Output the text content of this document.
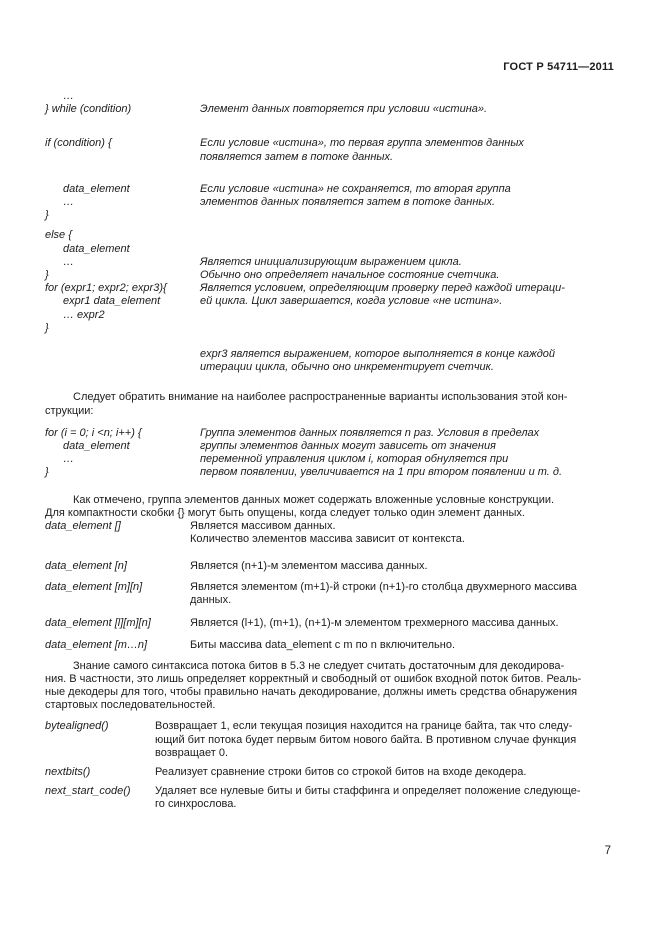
ГОСТ Р 54711—2011
…
} while (condition)	Элемент данных повторяется при условии «истина».
if (condition) {	Если условие «истина», то первая группа элементов данных
появляется затем в потоке данных.
data_element	Если условие «истина» не сохраняется, то вторая группа
…	элементов данных появляется затем в потоке данных.
}
else {
data_element
…	Является инициализирующим выражением цикла.
}	Обычно оно определяет начальное состояние счетчика.
for (expr1; expr2; expr3){	Является условием, определяющим проверку перед каждой итераци-
expr1 data_element	ей цикла. Цикл завершается, когда условие «не истина».
… expr2
}
expr3 является выражением, которое выполняется в конце каждой
итерации цикла, обычно оно инкрементирует счетчик.
Следует обратить внимание на наиболее распространенные варианты использования этой кон-
струкции:
for (i = 0; i <n; i++) {	Группа элементов данных появляется n раз. Условия в пределах
data_element	группы элементов данных могут зависеть от значения
…	переменной управления циклом i, которая обнуляется при
}	первом появлении, увеличивается на 1 при втором появлении и т. д.
Как отмечено, группа элементов данных может содержать вложенные условные конструкции.
Для компактности скобки {} могут быть опущены, когда следует только один элемент данных.
data_element []	Является массивом данных.
Количество элементов массива зависит от контекста.
data_element [n]	Является (n+1)-м элементом массива данных.
data_element [m][n]	Является элементом (m+1)-й строки (n+1)-го столбца двухмерного массива
данных.
data_element [l][m][n]	Является (l+1), (m+1), (n+1)-м элементом трехмерного массива данных.
data_element [m…n]	Биты массива data_element с m по n включительно.
Знание самого синтаксиса потока битов в 5.3 не следует считать достаточным для декодирова-
ния. В частности, это лишь определяет корректный и свободный от ошибок входной поток битов. Реаль-
ные декодеры для того, чтобы правильно начать декодирование, должны иметь средства обнаружения
стартовых последовательностей.
bytealigned()	Возвращает 1, если текущая позиция находится на границе байта, так что следу-
ющий бит потока будет первым битом нового байта. В противном случае функция
возвращает 0.
nextbits()	Реализует сравнение строки битов со строкой битов на входе декодера.
next_start_code()	Удаляет все нулевые биты и биты стаффинга и определяет положение следующе-
го синхрослова.
7
